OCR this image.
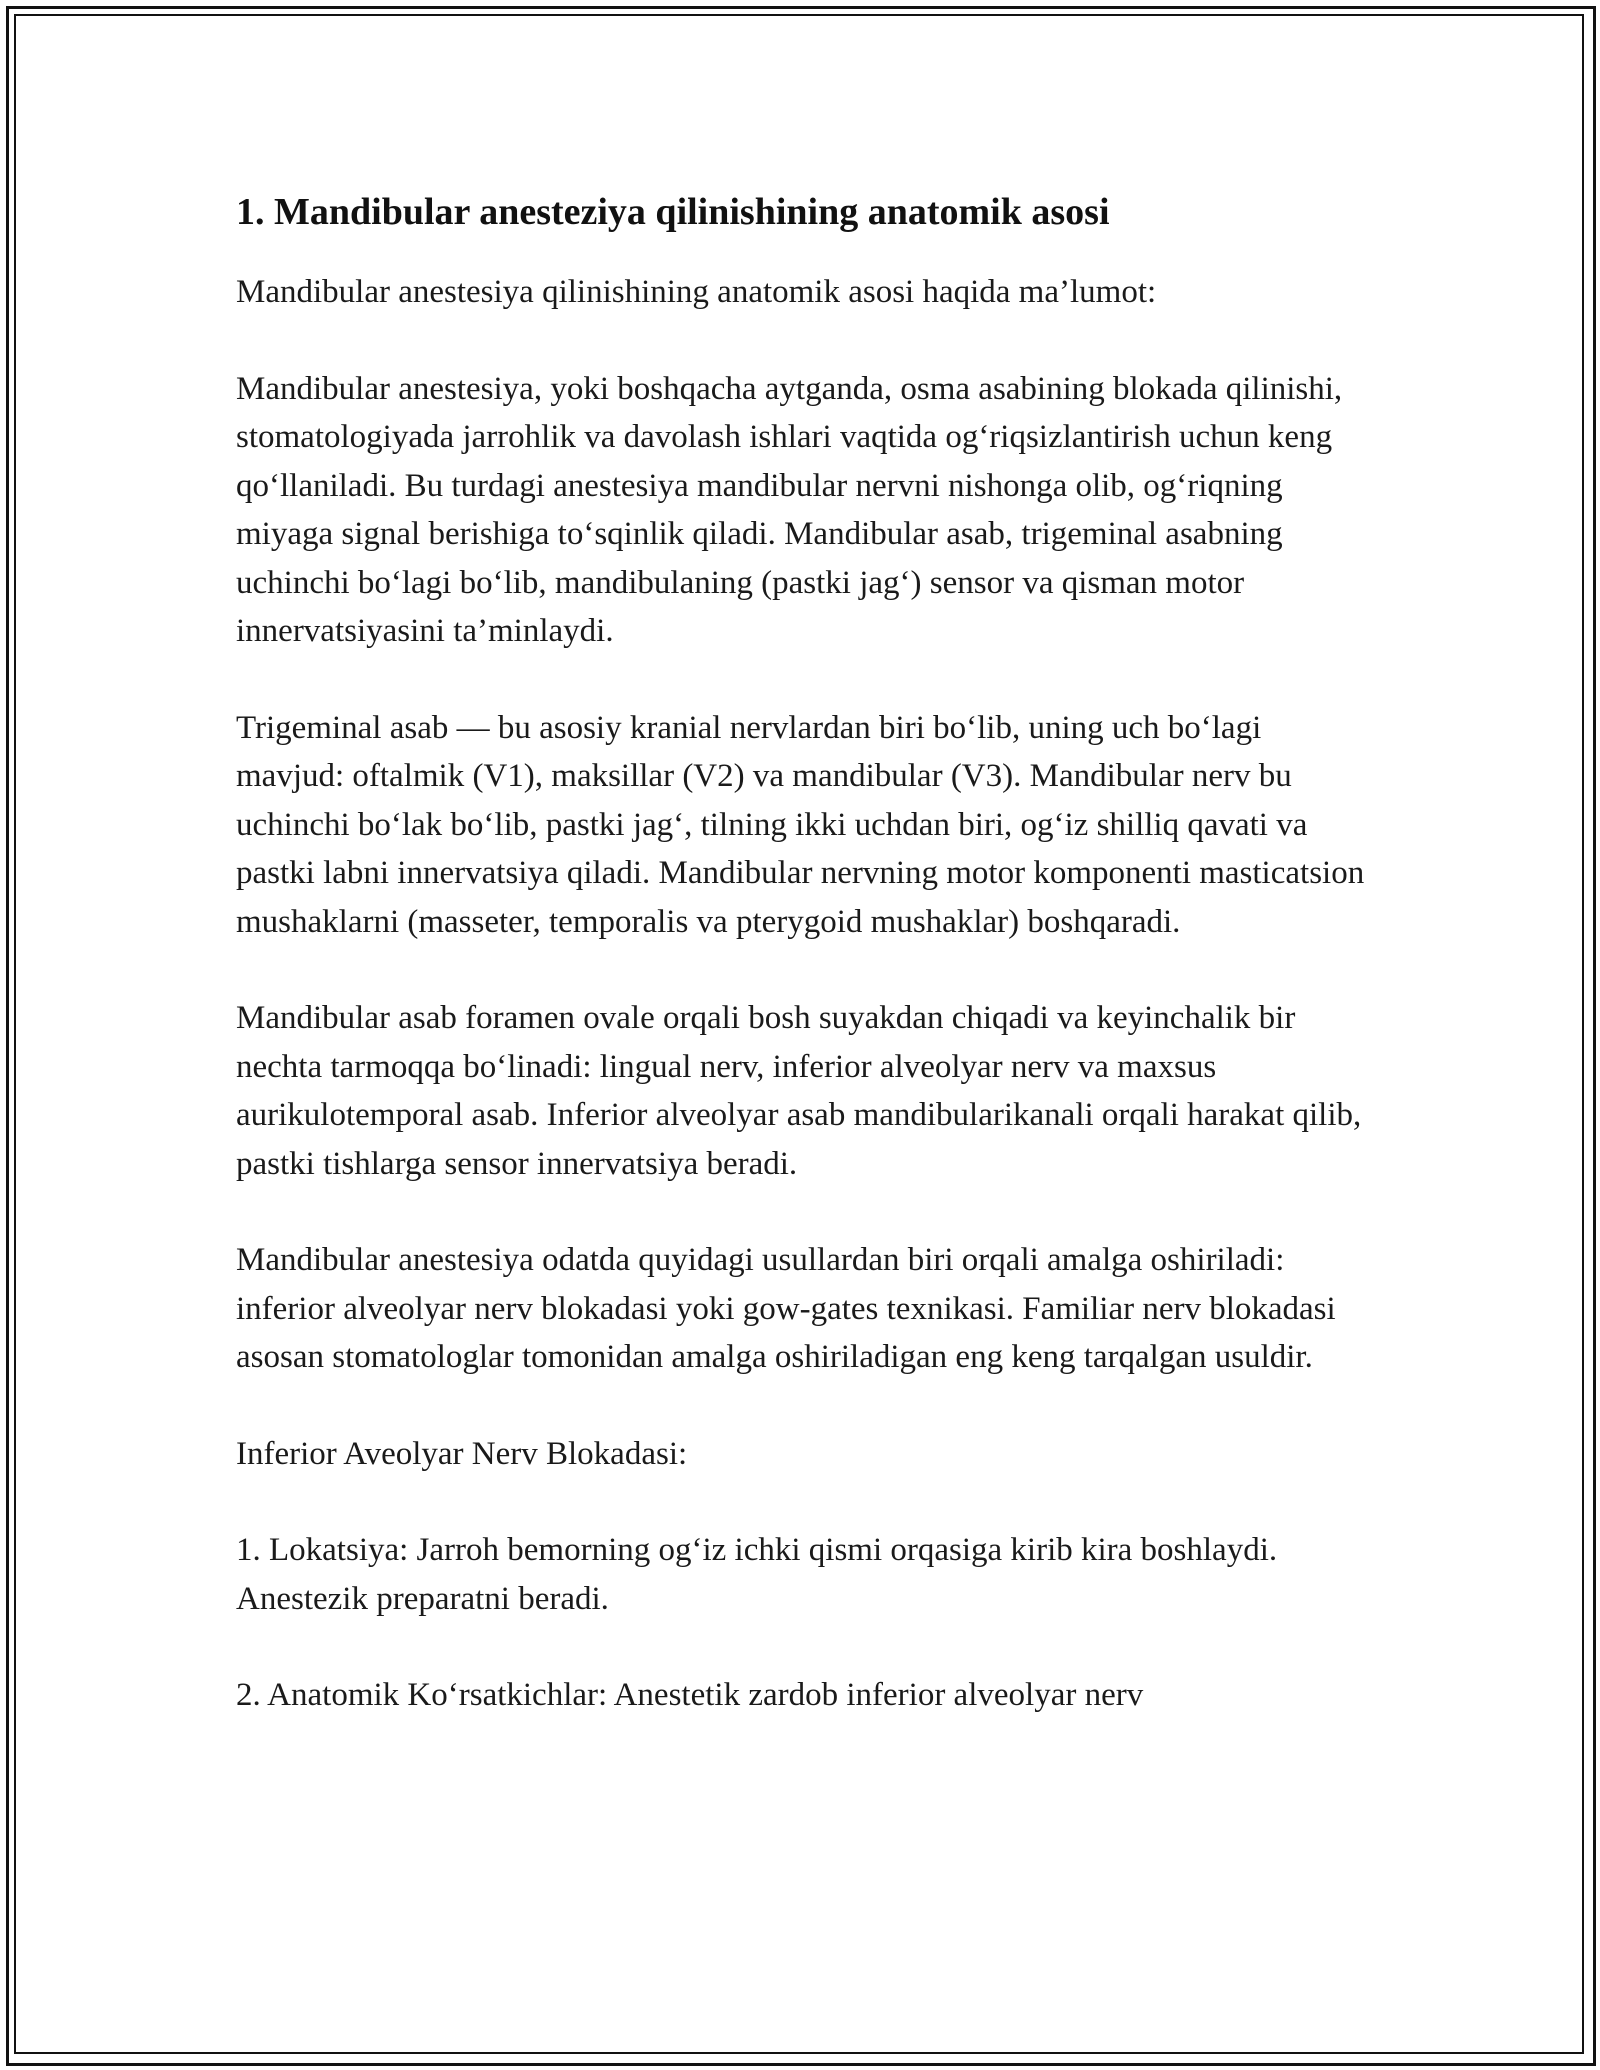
1. Mandibular anesteziya qilinishining anatomik asosi

Mandibular anestesiya qilinishining anatomik asosi haqida ma’lumot:

Mandibular anestesiya, yoki boshqacha aytganda, osma asabining blokada qilinishi, stomatologiyada jarrohlik va davolash ishlari vaqtida og‘riqsizlantirish uchun keng qo‘llaniladi. Bu turdagi anestesiya mandibular nervni nishonga olib, og‘riqning miyaga signal berishiga to‘sqinlik qiladi. Mandibular asab, trigeminal asabning uchinchi bo‘lagi bo‘lib, mandibulaning (pastki jag‘) sensor va qisman motor innervatsiyasini ta’minlaydi.

Trigeminal asab — bu asosiy kranial nervlardan biri bo‘lib, uning uch bo‘lagi mavjud: oftalmik (V1), maksillar (V2) va mandibular (V3). Mandibular nerv bu uchinchi bo‘lak bo‘lib, pastki jag‘, tilning ikki uchdan biri, og‘iz shilliq qavati va pastki labni innervatsiya qiladi. Mandibular nervning motor komponenti masticatsion mushaklarni (masseter, temporalis va pterygoid mushaklar) boshqaradi.

Mandibular asab foramen ovale orqali bosh suyakdan chiqadi va keyinchalik bir nechta tarmoqqa bo‘linadi: lingual nerv, inferior alveolyar nerv va maxsus aurikulotemporal asab. Inferior alveolyar asab mandibularikanali orqali harakat qilib, pastki tishlarga sensor innervatsiya beradi.

Mandibular anestesiya odatda quyidagi usullardan biri orqali amalga oshiriladi: inferior alveolyar nerv blokadasi yoki gow-gates texnikasi. Familiar nerv blokadasi asosan stomatologlar tomonidan amalga oshiriladigan eng keng tarqalgan usuldir.

Inferior Aveolyar Nerv Blokadasi:

1. Lokatsiya: Jarroh bemorning og‘iz ichki qismi orqasiga kirib kira boshlaydi. Anestezik preparatni beradi.

2. Anatomik Ko‘rsatkichlar: Anestetik zardob inferior alveolyar nerv
